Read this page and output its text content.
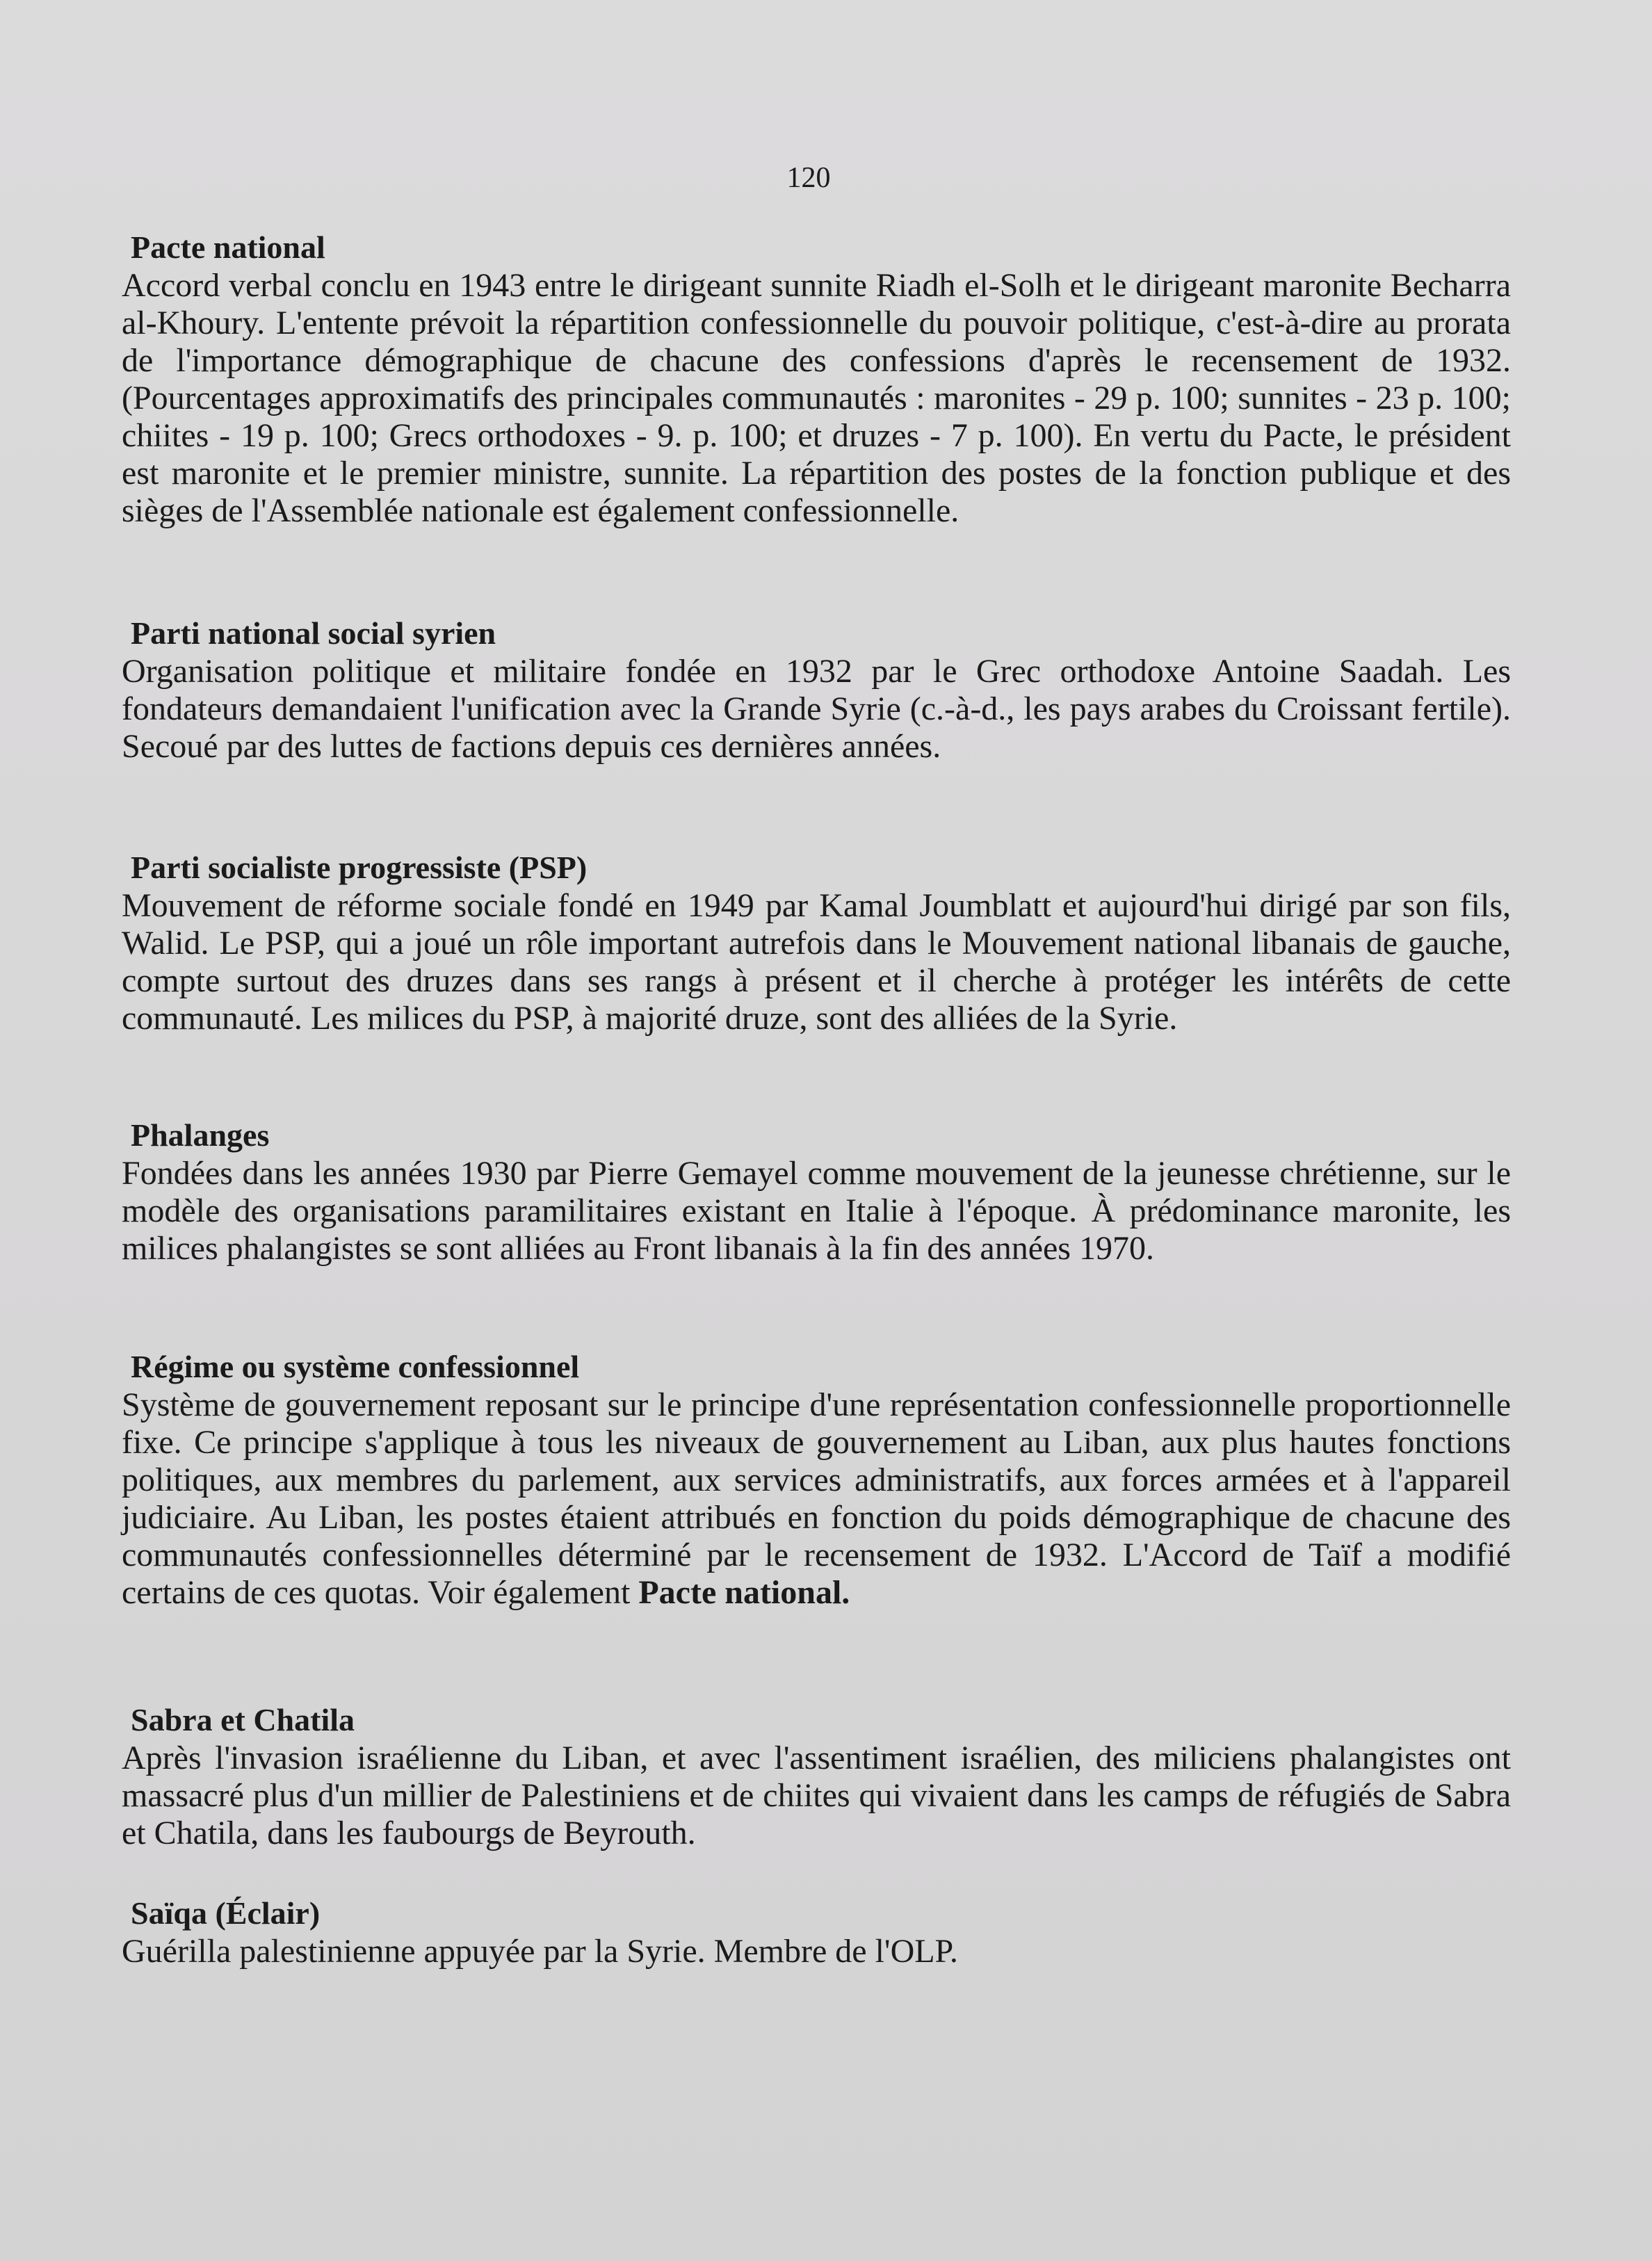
120

Pacte national

Accord verbal conclu en 1943 entre le dirigeant sunnite Riadh el-Solh et le dirigeant maronite Becharra al-Khoury. L'entente prévoit la répartition confessionnelle du pouvoir politique, c'est-à-dire au prorata de l'importance démographique de chacune des confessions d'après le recensement de 1932. (Pourcentages approximatifs des principales communautés : maronites - 29 p. 100; sunnites - 23 p. 100; chiites - 19 p. 100; Grecs orthodoxes - 9. p. 100; et druzes - 7 p. 100). En vertu du Pacte, le président est maronite et le premier ministre, sunnite. La répartition des postes de la fonction publique et des sièges de l'Assemblée nationale est également confessionnelle.

Parti national social syrien

Organisation politique et militaire fondée en 1932 par le Grec orthodoxe Antoine Saadah. Les fondateurs demandaient l'unification avec la Grande Syrie (c.-à-d., les pays arabes du Croissant fertile). Secoué par des luttes de factions depuis ces dernières années.

Parti socialiste progressiste (PSP)

Mouvement de réforme sociale fondé en 1949 par Kamal Joumblatt et aujourd'hui dirigé par son fils, Walid. Le PSP, qui a joué un rôle important autrefois dans le Mouvement national libanais de gauche, compte surtout des druzes dans ses rangs à présent et il cherche à protéger les intérêts de cette communauté. Les milices du PSP, à majorité druze, sont des alliées de la Syrie.

Phalanges

Fondées dans les années 1930 par Pierre Gemayel comme mouvement de la jeunesse chrétienne, sur le modèle des organisations paramilitaires existant en Italie à l'époque. À prédominance maronite, les milices phalangistes se sont alliées au Front libanais à la fin des années 1970.

Régime ou système confessionnel

Système de gouvernement reposant sur le principe d'une représentation confessionnelle proportionnelle fixe. Ce principe s'applique à tous les niveaux de gouvernement au Liban, aux plus hautes fonctions politiques, aux membres du parlement, aux services administratifs, aux forces armées et à l'appareil judiciaire. Au Liban, les postes étaient attribués en fonction du poids démographique de chacune des communautés confessionnelles déterminé par le recensement de 1932. L'Accord de Taïf a modifié certains de ces quotas. Voir également Pacte national.

Sabra et Chatila

Après l'invasion israélienne du Liban, et avec l'assentiment israélien, des miliciens phalangistes ont massacré plus d'un millier de Palestiniens et de chiites qui vivaient dans les camps de réfugiés de Sabra et Chatila, dans les faubourgs de Beyrouth.

Saïqa (Éclair)

Guérilla palestinienne appuyée par la Syrie. Membre de l'OLP.
